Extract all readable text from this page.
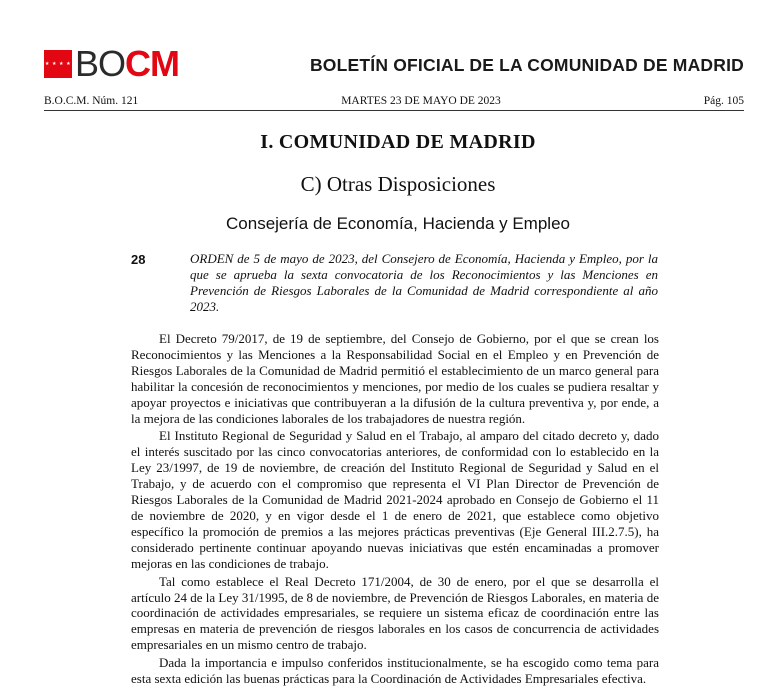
★ ★ ★ ★ BOCM	BOLETÍN OFICIAL DE LA COMUNIDAD DE MADRID
B.O.C.M. Núm. 121	MARTES 23 DE MAYO DE 2023	Pág. 105
I. COMUNIDAD DE MADRID
C) Otras Disposiciones
Consejería de Economía, Hacienda y Empleo
28	ORDEN de 5 de mayo de 2023, del Consejero de Economía, Hacienda y Empleo, por la que se aprueba la sexta convocatoria de los Reconocimientos y las Menciones en Prevención de Riesgos Laborales de la Comunidad de Madrid correspondiente al año 2023.

El Decreto 79/2017, de 19 de septiembre, del Consejo de Gobierno, por el que se crean los Reconocimientos y las Menciones a la Responsabilidad Social en el Empleo y en Prevención de Riesgos Laborales de la Comunidad de Madrid permitió el establecimiento de un marco general para habilitar la concesión de reconocimientos y menciones, por medio de los cuales se pudiera resaltar y apoyar proyectos e iniciativas que contribuyeran a la difusión de la cultura preventiva y, por ende, a la mejora de las condiciones laborales de los trabajadores de nuestra región.

El Instituto Regional de Seguridad y Salud en el Trabajo, al amparo del citado decreto y, dado el interés suscitado por las cinco convocatorias anteriores, de conformidad con lo establecido en la Ley 23/1997, de 19 de noviembre, de creación del Instituto Regional de Seguridad y Salud en el Trabajo, y de acuerdo con el compromiso que representa el VI Plan Director de Prevención de Riesgos Laborales de la Comunidad de Madrid 2021-2024 aprobado en Consejo de Gobierno el 11 de noviembre de 2020, y en vigor desde el 1 de enero de 2021, que establece como objetivo específico la promoción de premios a las mejores prácticas preventivas (Eje General III.2.7.5), ha considerado pertinente continuar apoyando nuevas iniciativas que estén encaminadas a promover mejoras en las condiciones de trabajo.

Tal como establece el Real Decreto 171/2004, de 30 de enero, por el que se desarrolla el artículo 24 de la Ley 31/1995, de 8 de noviembre, de Prevención de Riesgos Laborales, en materia de coordinación de actividades empresariales, se requiere un sistema eficaz de coordinación entre las empresas en materia de prevención de riesgos laborales en los casos de concurrencia de actividades empresariales en un mismo centro de trabajo.

Dada la importancia e impulso conferidos institucionalmente, se ha escogido como tema para esta sexta edición las buenas prácticas para la Coordinación de Actividades Empresariales efectiva.
